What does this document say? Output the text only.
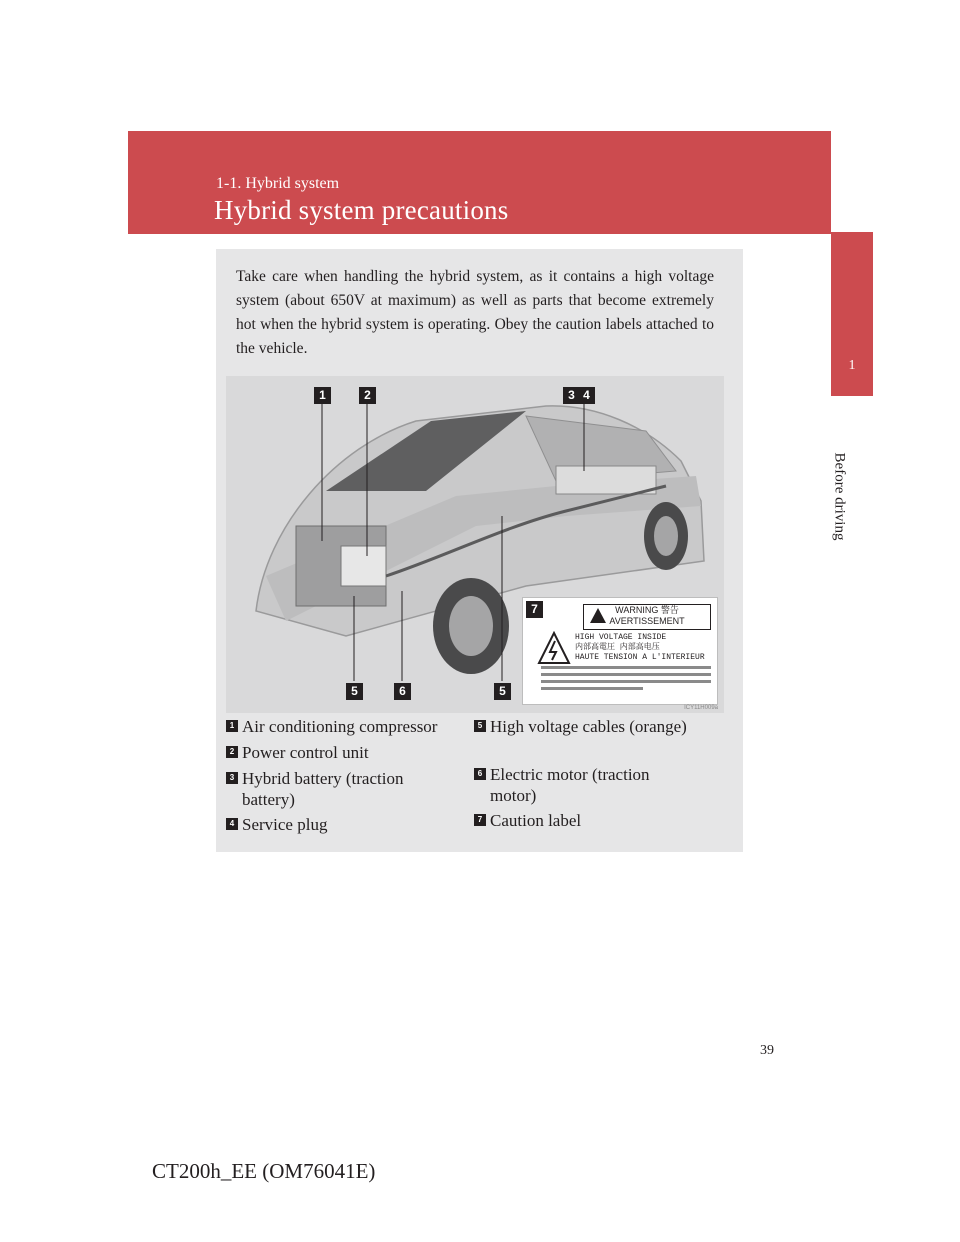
1-1. Hybrid system
Hybrid system precautions
1
Before driving
Take care when handling the hybrid system, as it contains a high voltage system (about 650V at maximum) as well as parts that become extremely hot when the hybrid system is operating. Obey the caution labels attached to the vehicle.
1	2	3 4
5	6	5
7	WARNING 警告
AVERTISSEMENT
HIGH VOLTAGE INSIDE
内部高電圧 内部高电压
HAUTE TENSION A L'INTERIEUR
ICY11H009a
1 Air conditioning compressor
2 Power control unit
3 Hybrid battery (traction battery)
4 Service plug
5 High voltage cables (orange)
6 Electric motor (traction motor)
7 Caution label
39
CT200h_EE (OM76041E)
